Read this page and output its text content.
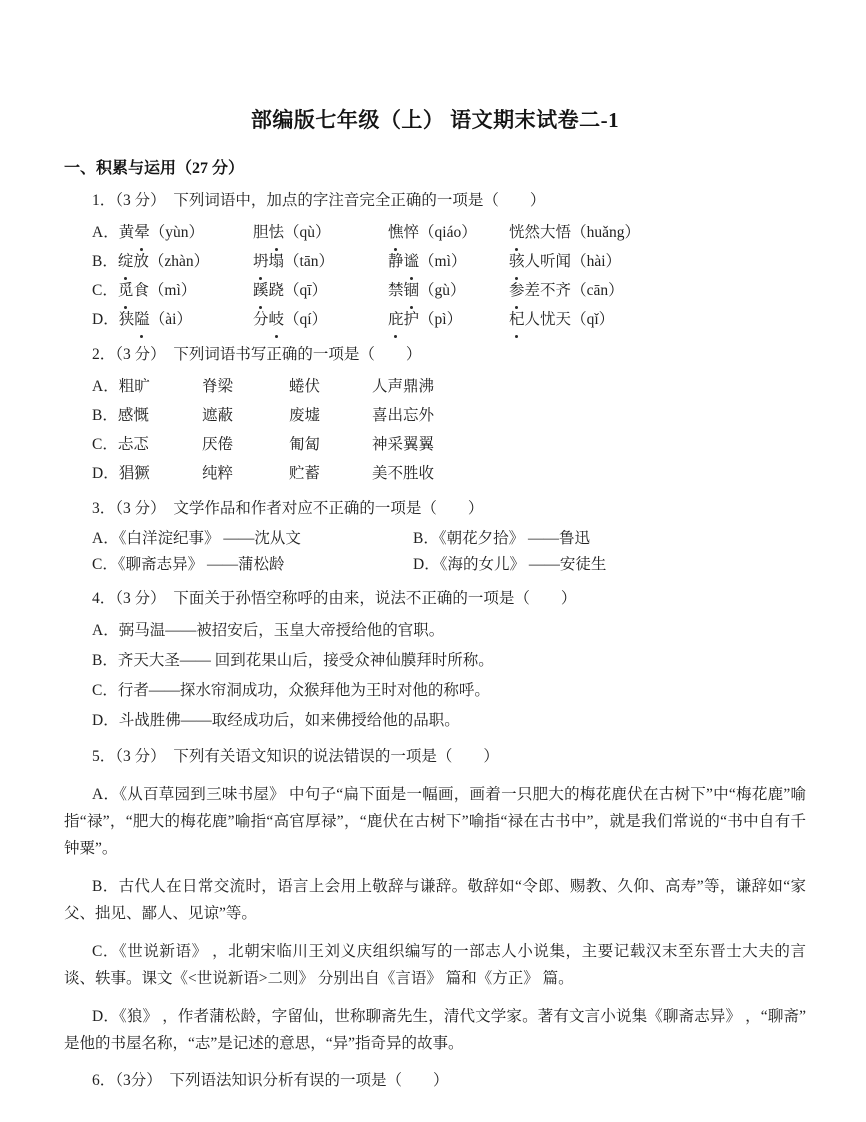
部编版七年级（上） 语文期末试卷二-1
一、积累与运用（27 分）
1．（3 分）　下列词语中，加点的字注音完全正确的一项是（　　）
A．黄晕（yùn）	胆怯（qù）	憔悴（qiáo）	恍然大悟（huǎng）
B．绽放（zhàn）	坍塌（tān）	静谧（mì）	骇人听闻（hài）
C．觅食（mì）	蹊跷（qī）	禁锢（gù）	参差不齐（cān）
D．狭隘（ài）	分岐（qí）	庇护（pì）	杞人忧天（qǐ）
2．（3 分）　下列词语书写正确的一项是（　　）
A．粗旷	脊梁	蜷伏	人声鼎沸
B．感慨	遮蔽	废墟	喜出忘外
C．忐忑	厌倦	匍匐	神采翼翼
D．猖獗	纯粹	贮蓄	美不胜收
3．（3 分）　文学作品和作者对应不正确的一项是（　　）
A．《白洋淀纪事》 ——沈从文	B．《朝花夕拾》 ——鲁迅
C．《聊斋志异》 ——蒲松龄	D．《海的女儿》 ——安徒生
4．（3 分）　下面关于孙悟空称呼的由来，说法不正确的一项是（　　）
A．弼马温——被招安后，玉皇大帝授给他的官职。
B．齐天大圣—— 回到花果山后，接受众神仙膜拜时所称。
C．行者——探水帘洞成功，众猴拜他为王时对他的称呼。
D．斗战胜佛——取经成功后，如来佛授给他的品职。
5．（3 分）　下列有关语文知识的说法错误的一项是（　　）

A．《从百草园到三味书屋》 中句子“扁下面是一幅画，画着一只肥大的梅花鹿伏在古树下”中“梅花鹿”喻指“禄”，“肥大的梅花鹿”喻指“高官厚禄”，“鹿伏在古树下”喻指“禄在古书中”，就是我们常说的“书中自有千钟粟”。

B．古代人在日常交流时，语言上会用上敬辞与谦辞。敬辞如“令郎、赐教、久仰、高寿”等，谦辞如“家父、拙见、鄙人、见谅”等。

C．《世说新语》 ，北朝宋临川王刘义庆组织编写的一部志人小说集，主要记载汉末至东晋士大夫的言谈、轶事。课文《<世说新语>二则》 分别出自《言语》 篇和《方正》 篇。

D．《狼》 ，作者蒲松龄，字留仙，世称聊斋先生，清代文学家。著有文言小说集《聊斋志异》 ，“聊斋”是他的书屋名称，“志”是记述的意思，“异”指奇异的故事。

6．（3分）　下列语法知识分析有误的一项是（　　）
